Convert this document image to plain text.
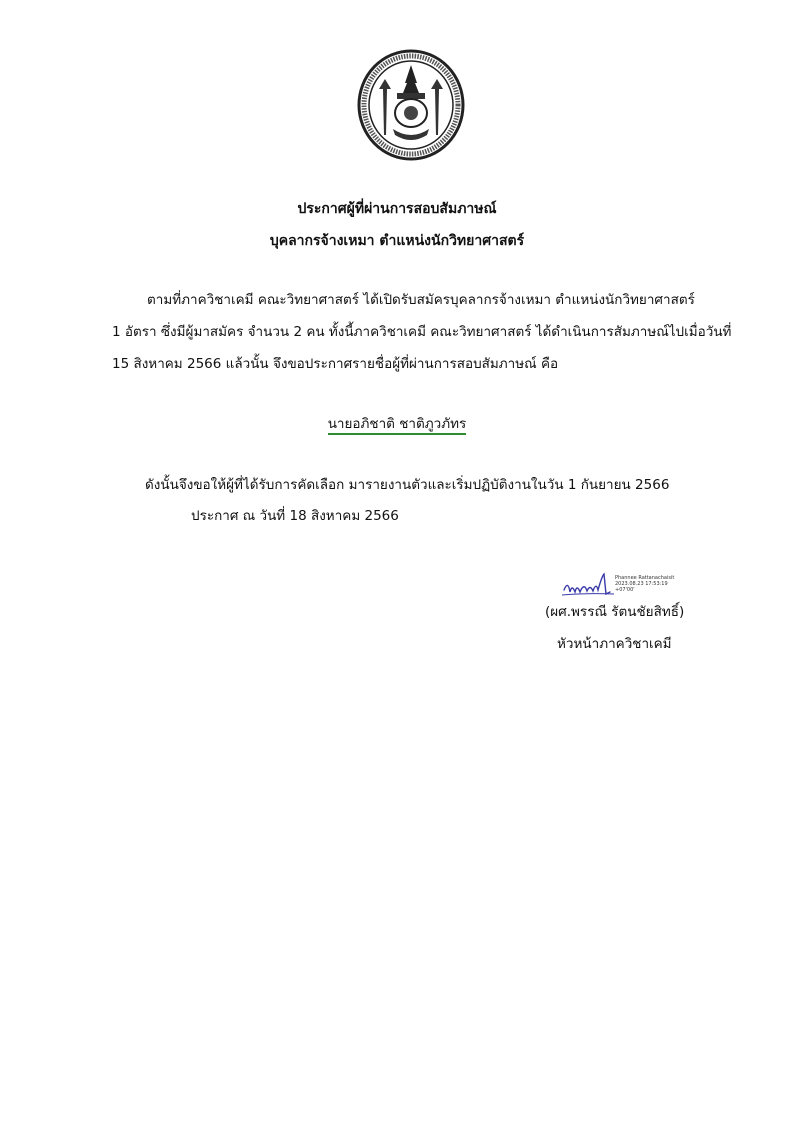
ประกาศผู้ที่ผ่านการสอบสัมภาษณ์
บุคลากรจ้างเหมา ตำแหน่งนักวิทยาศาสตร์
ตามที่ภาควิชาเคมี คณะวิทยาศาสตร์ ได้เปิดรับสมัครบุคลากรจ้างเหมา ตำแหน่งนักวิทยาศาสตร์
1 อัตรา ซึ่งมีผู้มาสมัคร จำนวน 2 คน ทั้งนี้ภาควิชาเคมี คณะวิทยาศาสตร์ ได้ดำเนินการสัมภาษณ์ไปเมื่อวันที่
15 สิงหาคม 2566 แล้วนั้น จึงขอประกาศรายชื่อผู้ที่ผ่านการสอบสัมภาษณ์ คือ
นายอภิชาติ ชาติภูวภัทร
ดังนั้นจึงขอให้ผู้ที่ได้รับการคัดเลือก มารายงานตัวและเริ่มปฏิบัติงานในวัน 1 กันยายน 2566
ประกาศ ณ วันที่ 18 สิงหาคม 2566
Phannee Rattanachaisit
2023.08.23 17:53:19
+07'00'
(ผศ.พรรณี รัตนชัยสิทธิ์)
หัวหน้าภาควิชาเคมี
